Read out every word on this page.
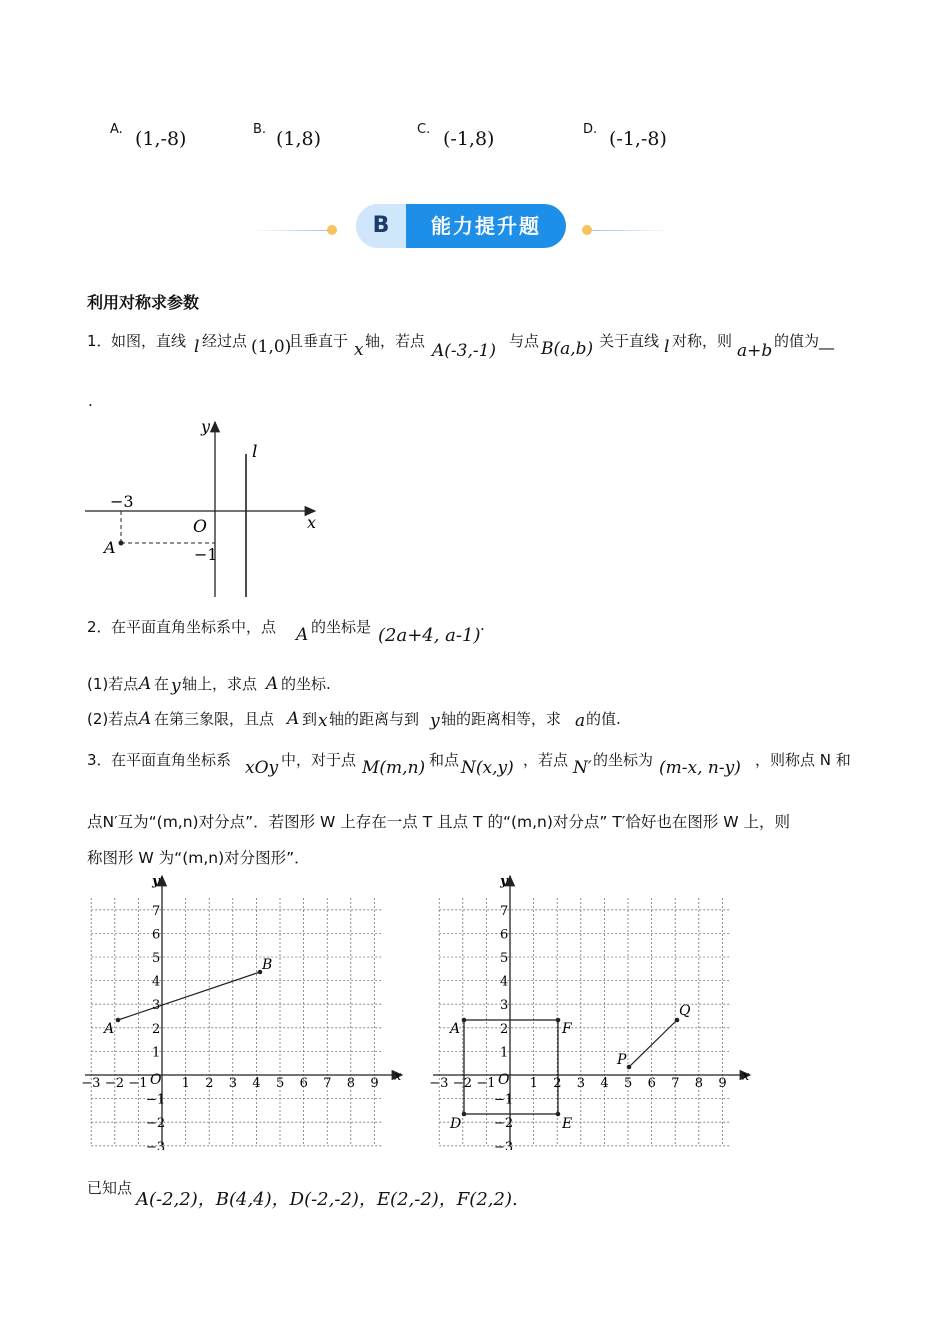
A. (1,-8)	B. (1,8)	C. (-1,8)	D. (-1,-8)
B	能力提升题
利用对称求参数
1． 如图，直线 l 经过点 (1,0)
且垂直于 x 轴，若点 A(-3,-1) 与点 B(a,b) 关于直线 l 对称，则 a+b 的值为__
.
y
x
l
O
−3
−1
A
2． 在平面直角坐标系中，点 A 的坐标是 (2a+4, a-1) .
(1)若点 A 在 y 轴上，求点 A 的坐标.
(2)若点 A 在第三象限，且点 A 到 x 轴的距离与到 y 轴的距离相等，求 a 的值.
3． 在平面直角坐标系 xOy 中，对于点 M(m,n) 和点 N(x,y) ，若点 N′ 的坐标为 (m-x, n-y) ，则称点 N 和
点N′互为“(m,n)对分点”．若图形 W 上存在一点 T 且点 T 的“(m,n)对分点” T′恰好也在图形 W 上，则
称图形 W 为“(m,n)对分图形”．
−3 −2 −1	1 2 3 4 5 6 7 8 9
7
6
5
4
3
2
1
−1
−2
−3
y
x
O
A
B
−3 −2 −1	1 2 3 4 5 6 7 8 9
7
6
5
4
3
2
1
−1
−2
−3
y
x
O
A	F
D	E
P
Q
已知点
A(-2,2)，B(4,4)，D(-2,-2)，E(2,-2)，F(2,2).
